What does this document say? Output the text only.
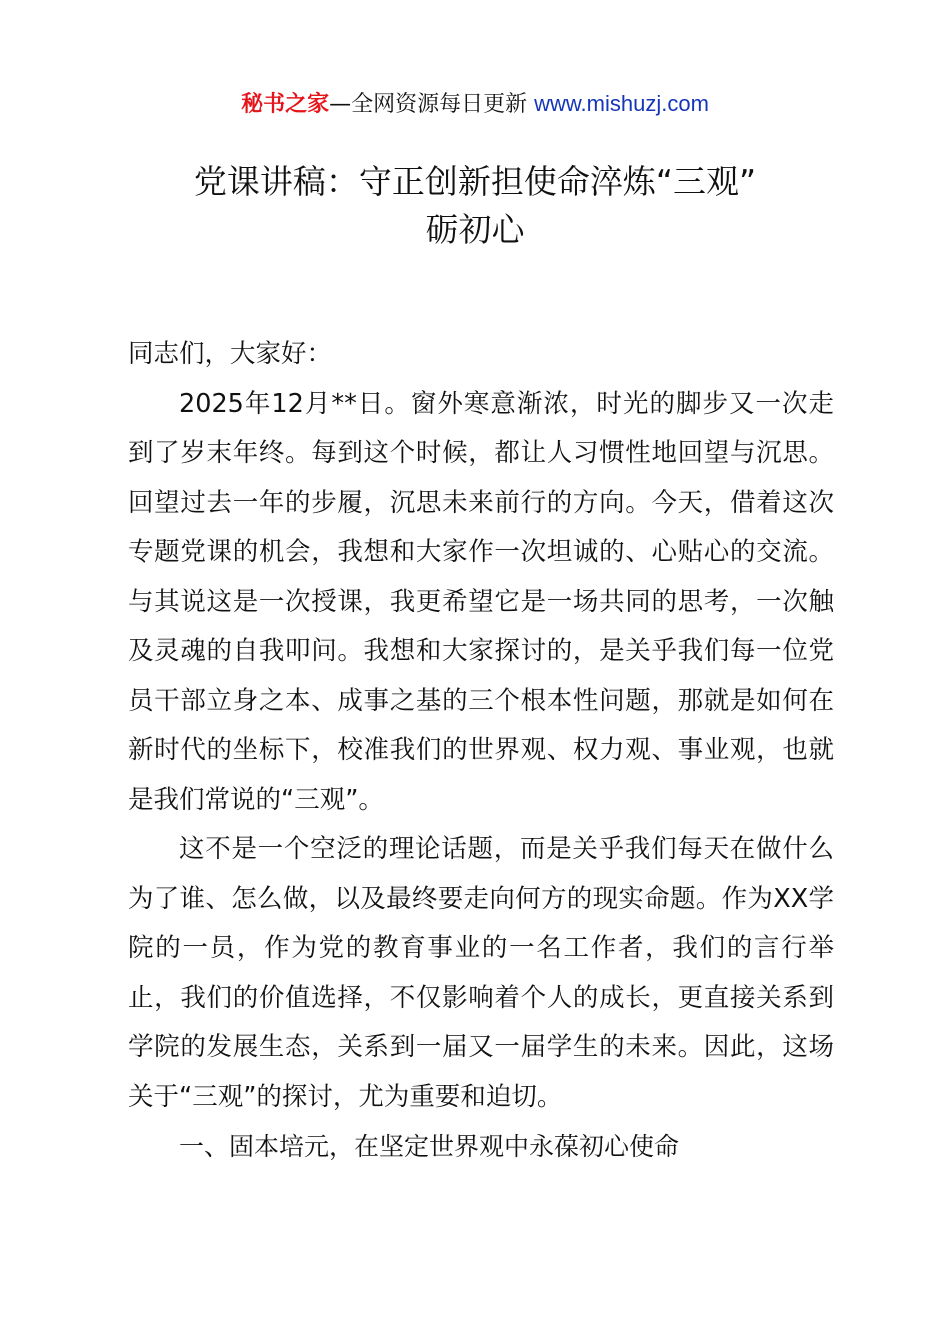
秘书之家—全网资源每日更新 www.mishuzj.com
党课讲稿：守正创新担使命淬炼“三观”
砺初心

同志们，大家好：

2025年12月**日。窗外寒意渐浓，时光的脚步又一次走到了岁末年终。每到这个时候，都让人习惯性地回望与沉思。回望过去一年的步履，沉思未来前行的方向。今天，借着这次专题党课的机会，我想和大家作一次坦诚的、心贴心的交流。与其说这是一次授课，我更希望它是一场共同的思考，一次触及灵魂的自我叩问。我想和大家探讨的，是关乎我们每一位党员干部立身之本、成事之基的三个根本性问题，那就是如何在新时代的坐标下，校准我们的世界观、权力观、事业观，也就是我们常说的“三观”。

这不是一个空泛的理论话题，而是关乎我们每天在做什么为了谁、怎么做，以及最终要走向何方的现实命题。作为XX学院的一员，作为党的教育事业的一名工作者，我们的言行举止，我们的价值选择，不仅影响着个人的成长，更直接关系到学院的发展生态，关系到一届又一届学生的未来。因此，这场关于“三观”的探讨，尤为重要和迫切。

一、固本培元，在坚定世界观中永葆初心使命
